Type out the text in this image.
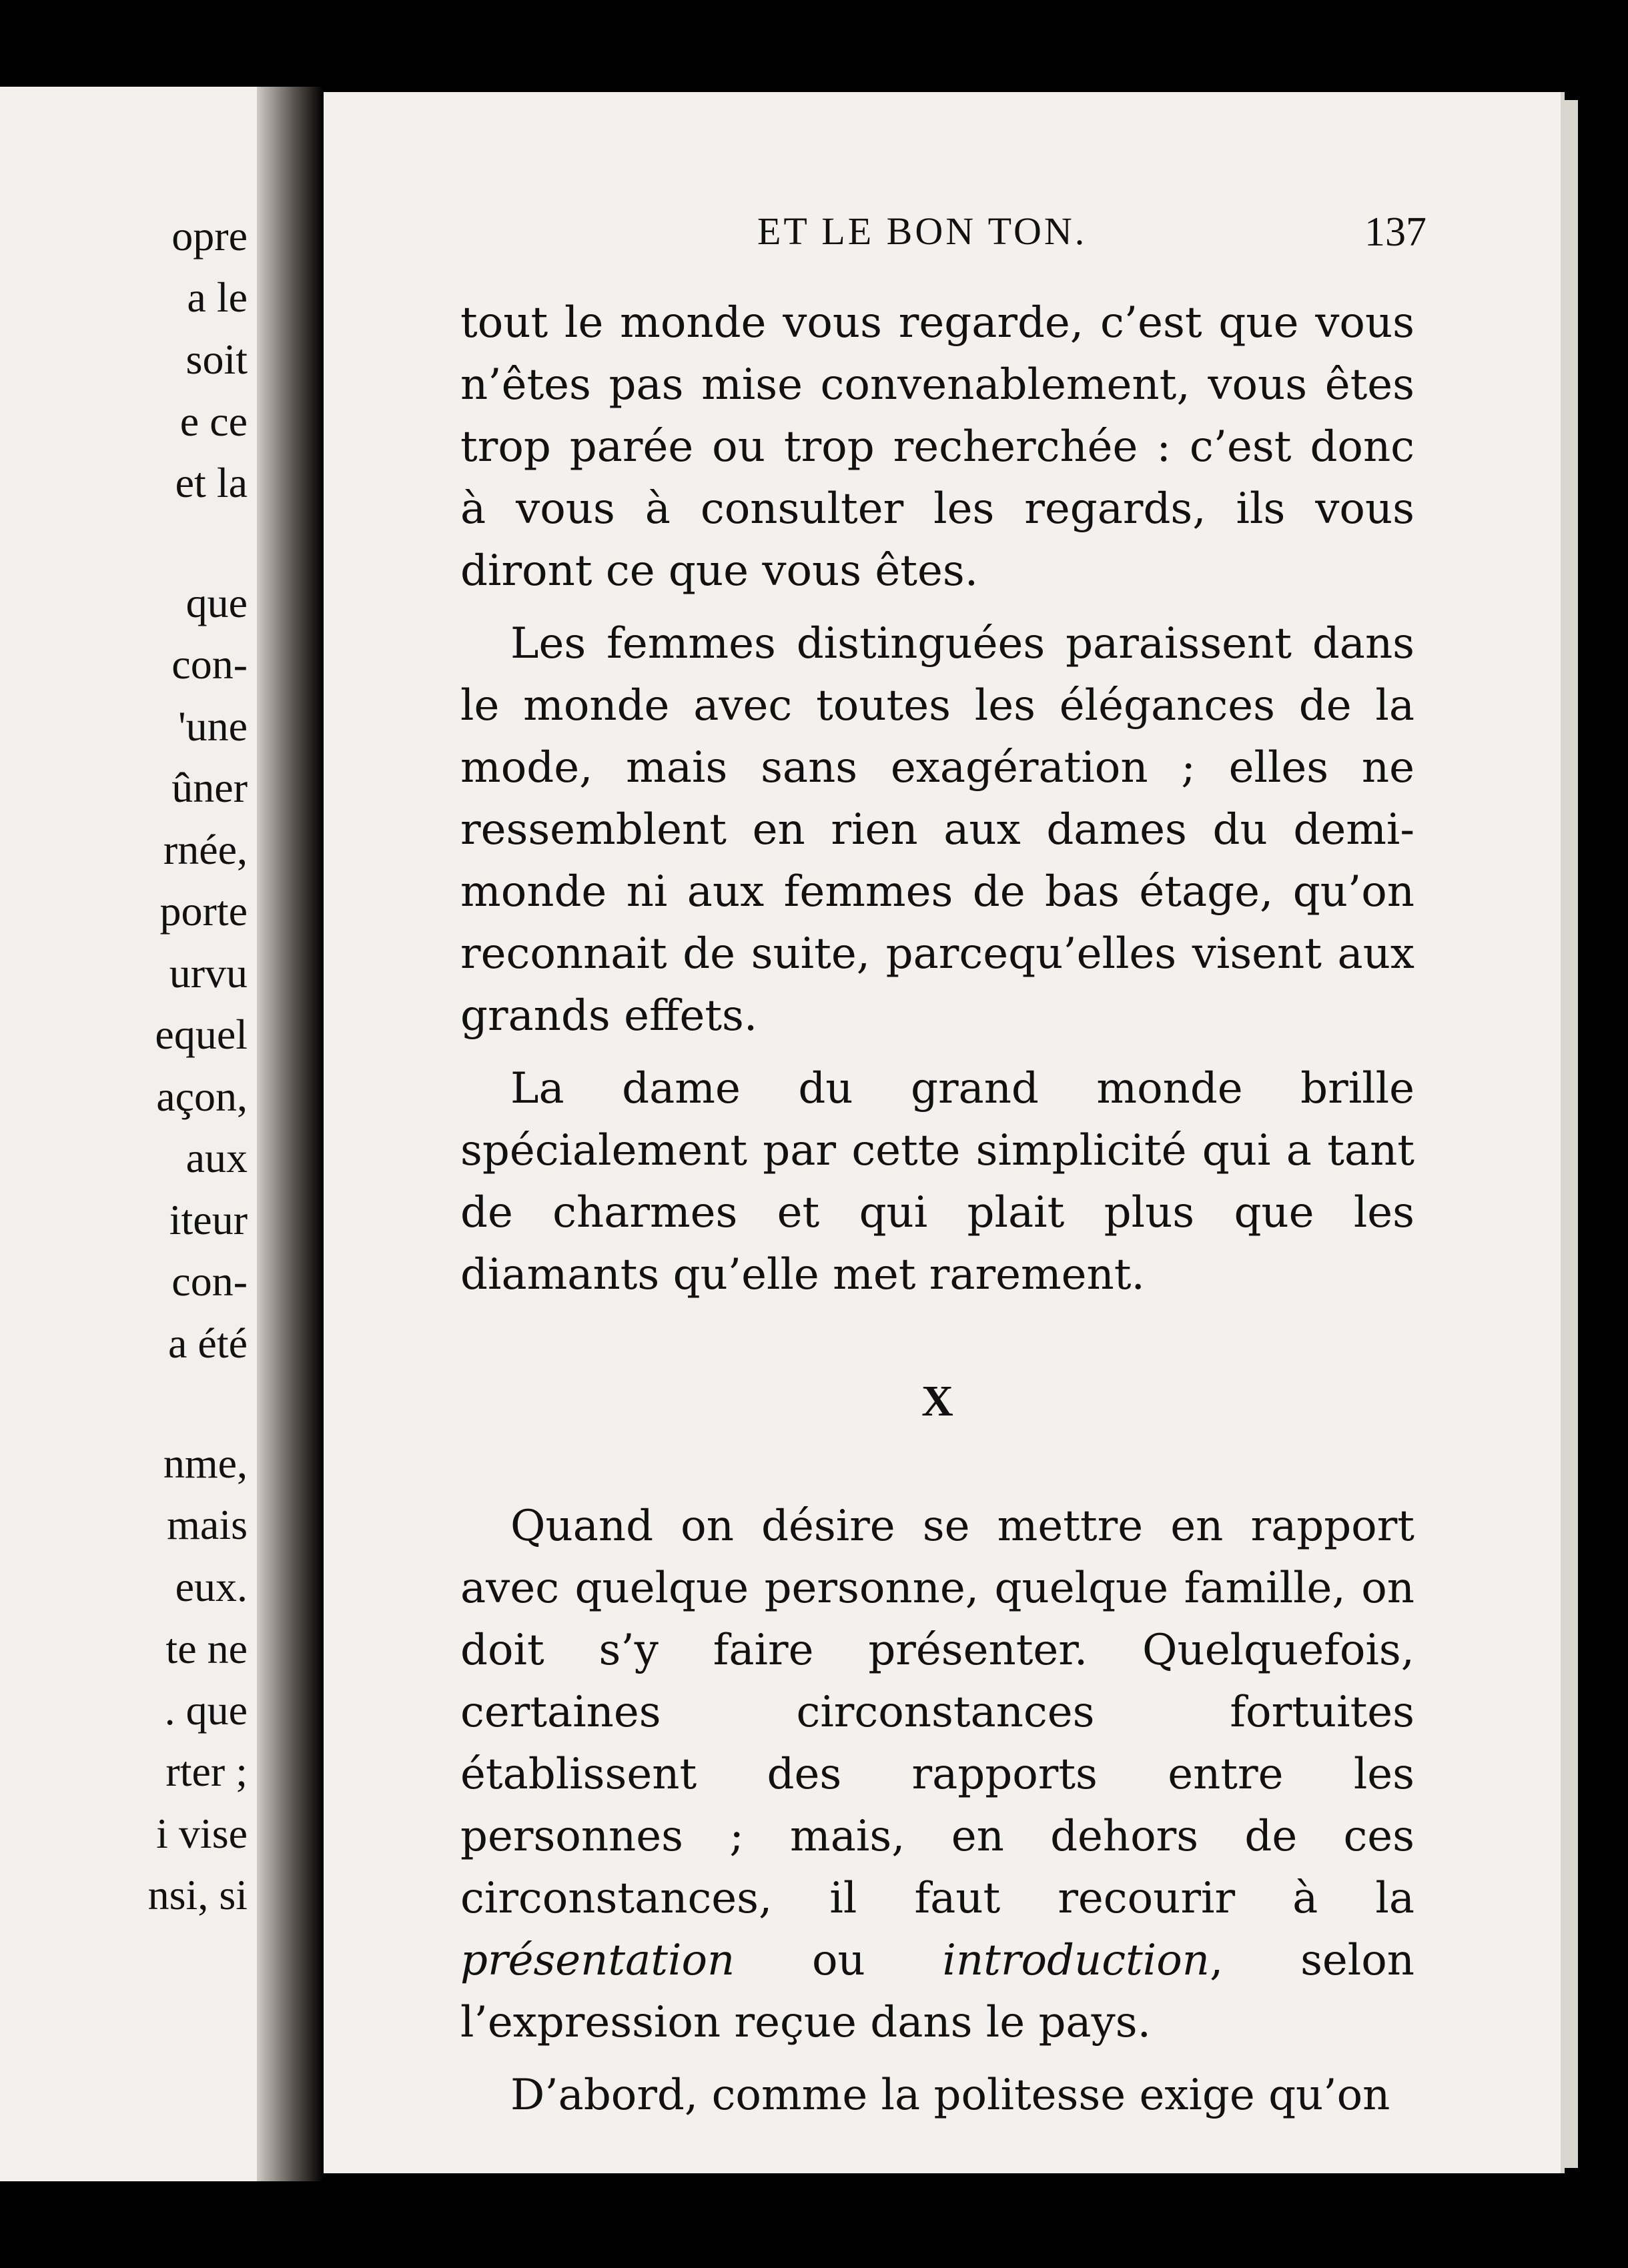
opre
a le
soit
e ce
et la
que
con-
'une
ûner
rnée,
porte
urvu
equel
açon,
aux
iteur
con-
a été
nme,
mais
eux.
te ne
. que
rter ;
i vise
nsi, si
ET LE BON TON.	137

tout le monde vous regarde, c’est que vous n’êtes pas mise convenablement, vous êtes trop parée ou trop recherchée : c’est donc à vous à consulter les regards, ils vous diront ce que vous êtes.

Les femmes distinguées paraissent dans le monde avec toutes les élégances de la mode, mais sans exagération ; elles ne ressemblent en rien aux dames du demi-monde ni aux femmes de bas étage, qu’on reconnait de suite, parcequ’elles visent aux grands effets.

La dame du grand monde brille spécialement par cette simplicité qui a tant de charmes et qui plait plus que les diamants qu’elle met rarement.

X

Quand on désire se mettre en rapport avec quelque personne, quelque famille, on doit s’y faire présenter. Quelquefois, certaines circonstances fortuites établissent des rapports entre les personnes ; mais, en dehors de ces circonstances, il faut recourir à la présentation ou introduction, selon l’expression reçue dans le pays.

D’abord, comme la politesse exige qu’on
